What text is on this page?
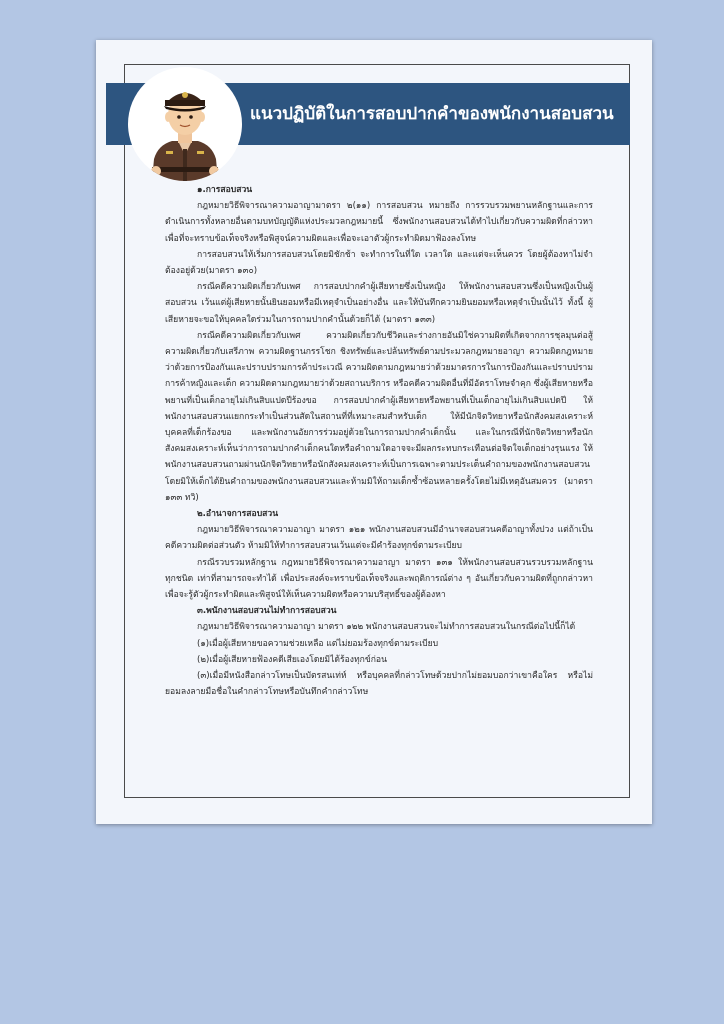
แนวปฏิบัติในการสอบปากคำของพนักงานสอบสวน

๑.การสอบสวน

กฎหมายวิธีพิจารณาความอาญามาตรา ๒(๑๑) การสอบสวน หมายถึง การรวบรวมพยานหลักฐานและการดำเนินการทั้งหลายอื่นตามบทบัญญัติแห่งประมวลกฎหมายนี้ ซึ่งพนักงานสอบสวนได้ทำไปเกี่ยวกับความผิดที่กล่าวหา เพื่อที่จะทราบข้อเท็จจริงหรือพิสูจน์ความผิดและเพื่อจะเอาตัวผู้กระทำผิดมาฟ้องลงโทษ

การสอบสวนให้เริ่มการสอบสวนโดยมิชักช้า จะทำการในที่ใด เวลาใด และแต่จะเห็นควร โดยผู้ต้องหาไม่จำต้องอยู่ด้วย(มาตรา ๑๓๐)

กรณีคดีความผิดเกี่ยวกับเพศ การสอบปากคำผู้เสียหายซึ่งเป็นหญิง ให้พนักงานสอบสวนซึ่งเป็นหญิงเป็นผู้สอบสวน เว้นแต่ผู้เสียหายนั้นยินยอมหรือมีเหตุจำเป็นอย่างอื่น และให้บันทึกความยินยอมหรือเหตุจำเป็นนั้นไว้ ทั้งนี้ ผู้เสียหายจะขอให้บุคคลใดร่วมในการถามปากคำนั้นด้วยก็ได้ (มาตรา ๑๓๓)

กรณีคดีความผิดเกี่ยวกับเพศ ความผิดเกี่ยวกับชีวิตและร่างกายอันมิใช่ความผิดที่เกิดจากการชุลมุนต่อสู้ ความผิดเกี่ยวกับเสรีภาพ ความผิดฐานกรรโชก ชิงทรัพย์และปล้นทรัพย์ตามประมวลกฎหมายอาญา ความผิดกฎหมายว่าด้วยการป้องกันและปราบปรามการค้าประเวณี ความผิดตามกฎหมายว่าด้วยมาตรการในการป้องกันและปราบปรามการค้าหญิงและเด็ก ความผิดตามกฎหมายว่าด้วยสถานบริการ หรือคดีความผิดอื่นที่มีอัตราโทษจำคุก ซึ่งผู้เสียหายหรือพยานที่เป็นเด็กอายุไม่เกินสิบแปดปีร้องขอ การสอบปากคำผู้เสียหายหรือพยานที่เป็นเด็กอายุไม่เกินสิบแปดปี ให้พนักงานสอบสวนแยกกระทำเป็นส่วนสัดในสถานที่ที่เหมาะสมสำหรับเด็ก ให้มีนักจิตวิทยาหรือนักสังคมสงเคราะห์ บุคคลที่เด็กร้องขอ และพนักงานอัยการร่วมอยู่ด้วยในการถามปากคำเด็กนั้น และในกรณีที่นักจิตวิทยาหรือนักสังคมสงเคราะห์เห็นว่าการถามปากคำเด็กคนใดหรือคำถามใดอาจจะมีผลกระทบกระเทือนต่อจิตใจเด็กอย่างรุนแรง ให้พนักงานสอบสวนถามผ่านนักจิตวิทยาหรือนักสังคมสงเคราะห์เป็นการเฉพาะตามประเด็นคำถามของพนักงานสอบสวน โดยมิให้เด็กได้ยินคำถามของพนักงานสอบสวนและห้ามมิให้ถามเด็กซ้ำซ้อนหลายครั้งโดยไม่มีเหตุอันสมควร (มาตรา ๑๓๓ ทวิ)

๒.อำนาจการสอบสวน

กฎหมายวิธีพิจารณาความอาญา มาตรา ๑๒๑ พนักงานสอบสวนมีอำนาจสอบสวนคดีอาญาทั้งปวง แต่ถ้าเป็นคดีความผิดต่อส่วนตัว ห้ามมิให้ทำการสอบสวนเว้นแต่จะมีคำร้องทุกข์ตามระเบียบ

กรณีรวบรวมหลักฐาน กฎหมายวิธีพิจารณาความอาญา มาตรา ๑๓๑ ให้พนักงานสอบสวนรวบรวมหลักฐานทุกชนิด เท่าที่สามารถจะทำได้ เพื่อประสงค์จะทราบข้อเท็จจริงและพฤติการณ์ต่าง ๆ อันเกี่ยวกับความผิดที่ถูกกล่าวหา เพื่อจะรู้ตัวผู้กระทำผิดและพิสูจน์ให้เห็นความผิดหรือความบริสุทธิ์ของผู้ต้องหา

๓.พนักงานสอบสวนไม่ทำการสอบสวน

กฎหมายวิธีพิจารณาความอาญา มาตรา ๑๒๒ พนักงานสอบสวนจะไม่ทำการสอบสวนในกรณีต่อไปนี้ก็ได้

(๑)เมื่อผู้เสียหายขอความช่วยเหลือ แต่ไม่ยอมร้องทุกข์ตามระเบียบ

(๒)เมื่อผู้เสียหายฟ้องคดีเสียเองโดยมิได้ร้องทุกข์ก่อน

(๓)เมื่อมีหนังสือกล่าวโทษเป็นบัตรสนเท่ห์ หรือบุคคลที่กล่าวโทษด้วยปากไม่ยอมบอกว่าเขาคือใคร หรือไม่ยอมลงลายมือชื่อในคำกล่าวโทษหรือบันทึกคำกล่าวโทษ
